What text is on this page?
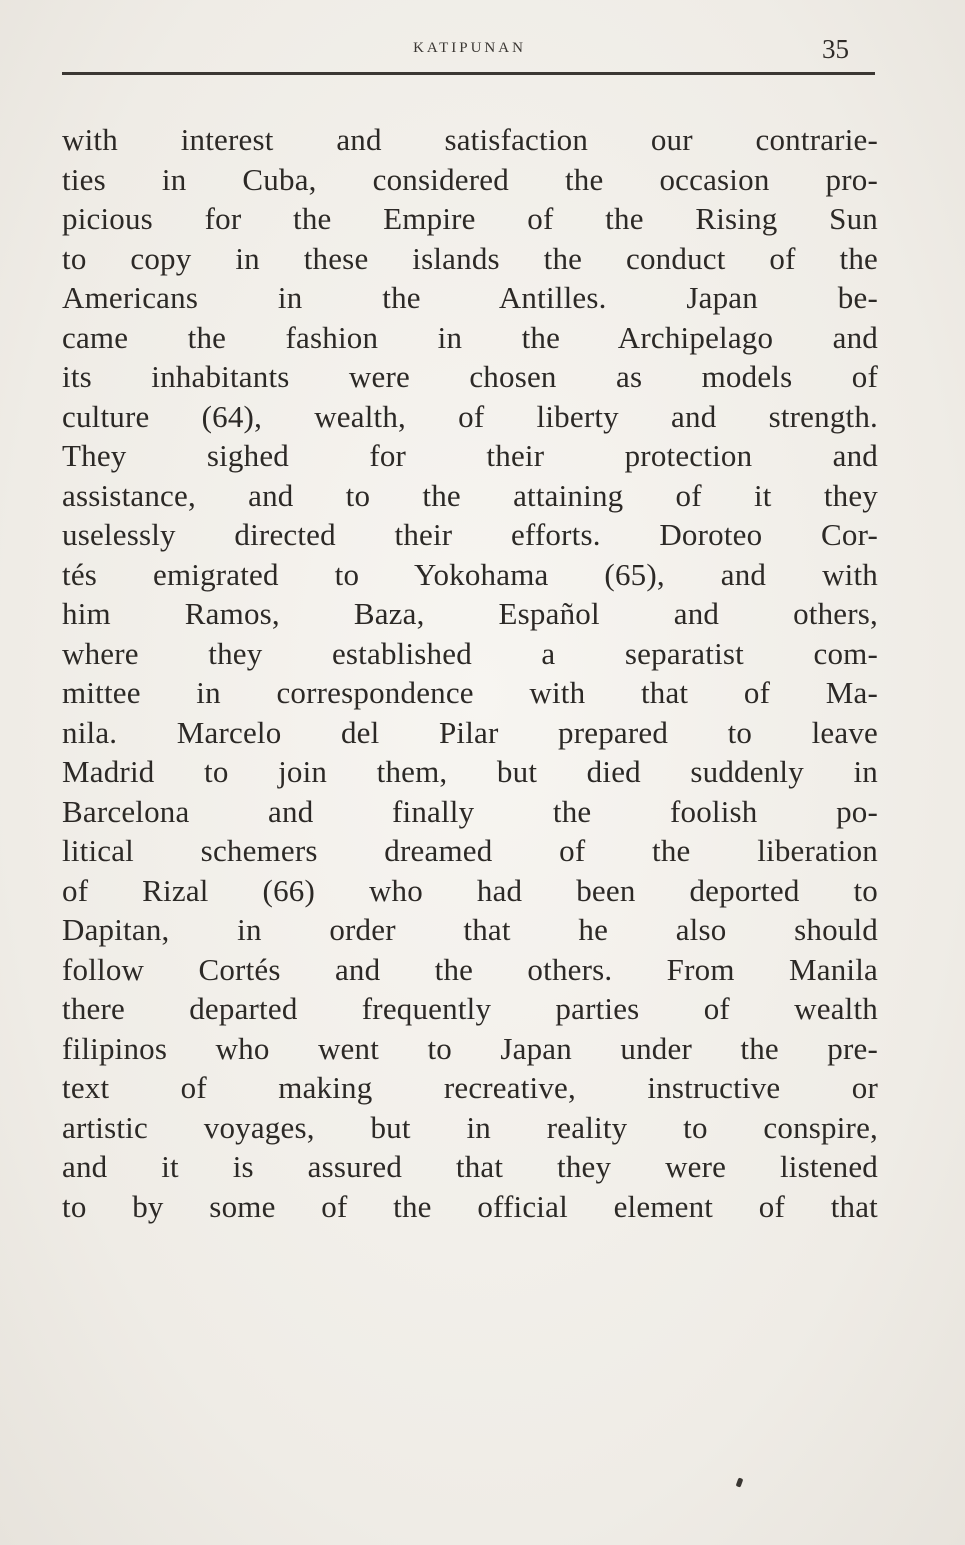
KATIPUNAN	35
with interest and satisfaction our contrarie-
ties in Cuba, considered the occasion pro-
picious for the Empire of the Rising Sun
to copy in these islands the conduct of the
Americans in the Antilles. Japan be-
came the fashion in the Archipelago and
its inhabitants were chosen as models of
culture (64), wealth, of liberty and strength.
They sighed for their protection and
assistance, and to the attaining of it they
uselessly directed their efforts. Doroteo Cor-
tés emigrated to Yokohama (65), and with
him Ramos, Baza, Español and others,
where they established a separatist com-
mittee in correspondence with that of Ma-
nila. Marcelo del Pilar prepared to leave
Madrid to join them, but died suddenly in
Barcelona and finally the foolish po-
litical schemers dreamed of the liberation
of Rizal (66) who had been deported to
Dapitan, in order that he also should
follow Cortés and the others. From Manila
there departed frequently parties of wealth
filipinos who went to Japan under the pre-
text of making recreative, instructive or
artistic voyages, but in reality to conspire,
and it is assured that they were listened
to by some of the official element of that
